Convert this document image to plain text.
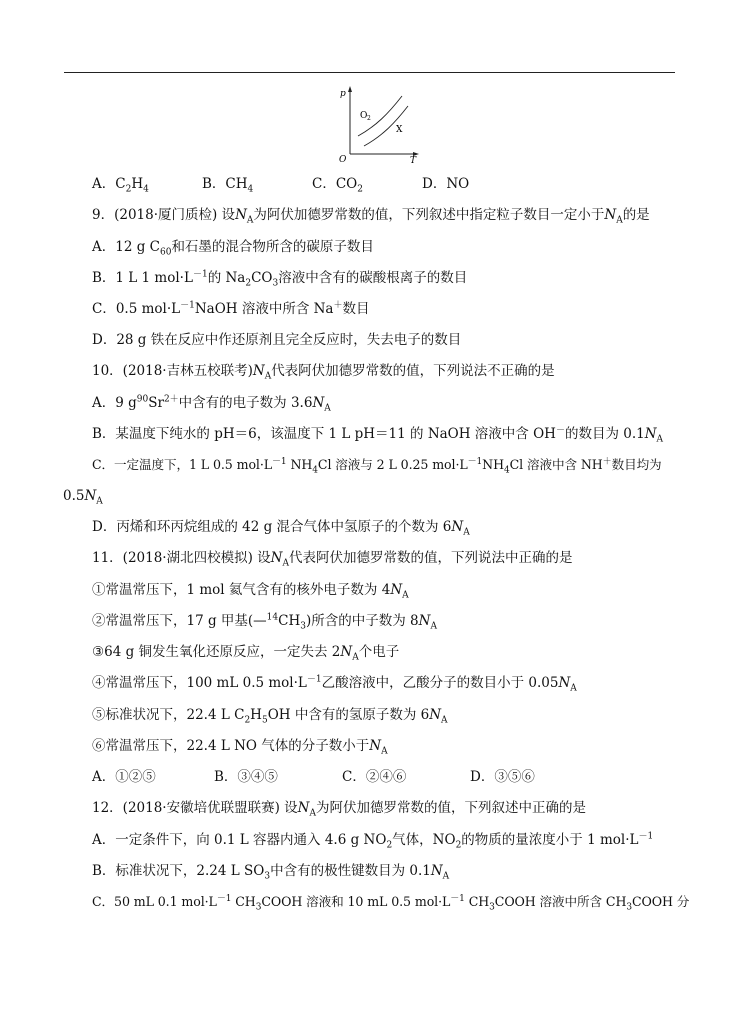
p
O	T
O 2
X
A．$C_2H_4$	B．$CH_4$	C．$CO_2$	D．NO
9．(2018·厦门质检) 设$N_A$为阿伏加德罗常数的值，下列叙述中指定粒子数目一定小于$N_A$的是
A．12 g $C_{60}$和石墨的混合物所含的碳原子数目
B．1 L 1 $mol\cdot L^{-1}$的 $Na_2CO_3$溶液中含有的碳酸根离子的数目
C．0.5 $mol\cdot L^{-1}NaOH$ 溶液中所含 Na＋数目
D．28 g 铁在反应中作还原剂且完全反应时，失去电子的数目
10．(2018·吉林五校联考)$N_A$代表阿伏加德罗常数的值，下列说法不正确的是
A．9 $g^{90}Sr^{2+}$中含有的电子数为 $3.6N_A$
B．某温度下纯水的 pH＝6，该温度下 1 L pH＝11 的 NaOH 溶液中含 OH－的数目为 $0.1N_A$
C．一定温度下，1 L 0.5 $mol\cdot L^{-1}$ $NH_4Cl$ 溶液与 2 L 0.25 $mol\cdot L^{-1}NH_4Cl$ 溶液中含 NH＋数目均为
$0.5N_A$
D．丙烯和环丙烷组成的 42 g 混合气体中氢原子的个数为 $6N_A$
11．(2018·湖北四校模拟) 设$N_A$代表阿伏加德罗常数的值，下列说法中正确的是
①常温常压下，1 mol 氦气含有的核外电子数为 $4N_A$
②常温常压下，17 g 甲基$(—^{14}CH_3)$所含的中子数为 $8N_A$
③64 g 铜发生氧化还原反应，一定失去 $2N_A$个电子
④常温常压下，100 mL 0.5 $mol\cdot L^{-1}$乙酸溶液中，乙酸分子的数目小于 $0.05N_A$
⑤标准状况下，22.4 L $C_2H_5OH$ 中含有的氢原子数为 $6N_A$
⑥常温常压下，22.4 L NO 气体的分子数小于$N_A$
A．①②⑤	B．③④⑤	C．②④⑥	D．③⑤⑥
12．(2018·安徽培优联盟联赛) 设$N_A$为阿伏加德罗常数的值，下列叙述中正确的是
A．一定条件下，向 0.1 L 容器内通入 4.6 g $NO_2$气体，$NO_2$的物质的量浓度小于 1 $mol\cdot L^{-1}$
B．标准状况下，2.24 L $SO_3$中含有的极性键数目为 $0.1N_A$
C．50 mL 0.1 $mol\cdot L^{-1}$ $CH_3COOH$ 溶液和 10 mL 0.5 $mol\cdot L^{-1}$ $CH_3COOH$ 溶液中所含 $CH_3COOH$ 分
